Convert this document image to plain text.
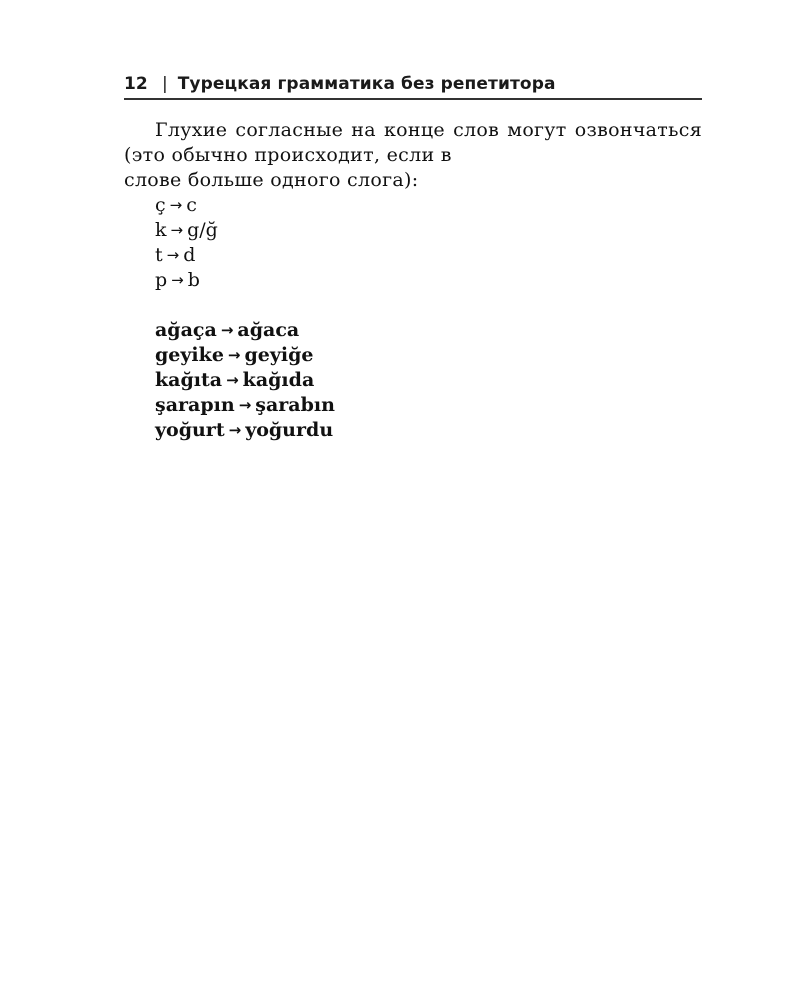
12 | Турецкая грамматика без репетитора

Глухие согласные на конце слов могут озвончаться (это обычно происходит, если в
слове больше одного слога):

ç → c
k → g/ğ
t → d
p → b
ağaça → ağaca
geyike → geyiğe
kağıta → kağıda
şarapın → şarabın
yoğurt → yoğurdu
